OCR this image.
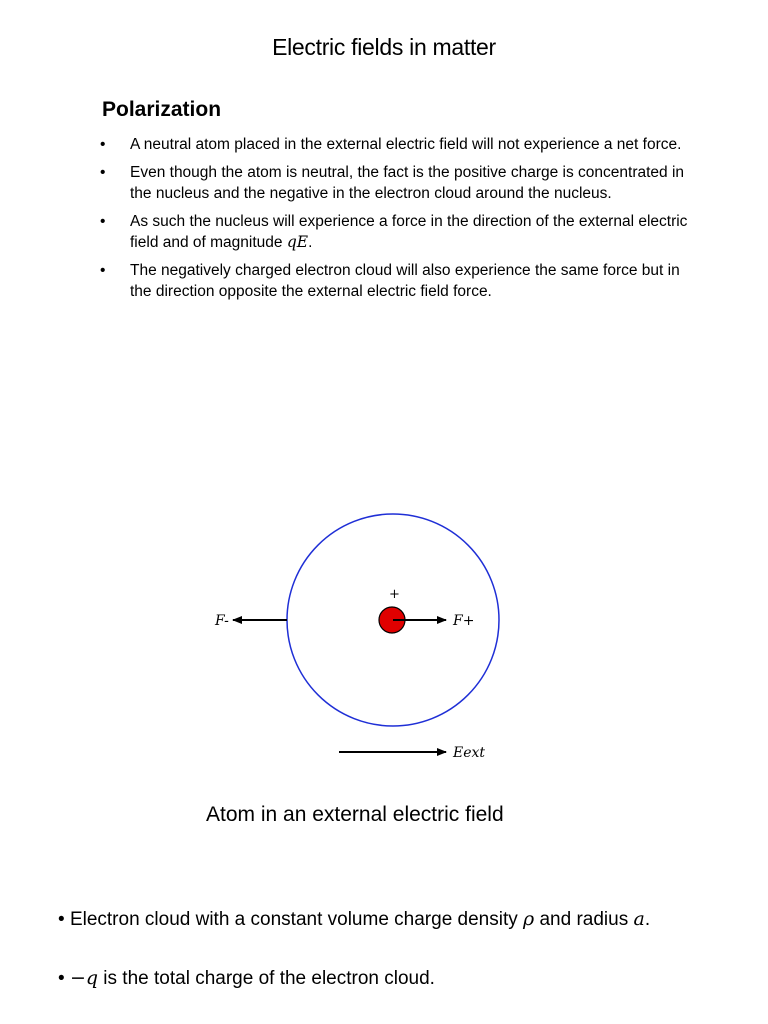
Electric fields in matter
Polarization
• A neutral atom placed in the external electric field will not experience a net force.
• Even though the atom is neutral, the fact is the positive charge is concentrated in the nucleus and the negative in the electron cloud around the nucleus.
• As such the nucleus will experience a force in the direction of the external electric field and of magnitude qE.
• The negatively charged electron cloud will also experience the same force but in the direction opposite the external electric field force.
+
F+
F-
Eext
Atom in an external electric field
• Electron cloud with a constant volume charge density ρ and radius a.
• −q is the total charge of the electron cloud.
